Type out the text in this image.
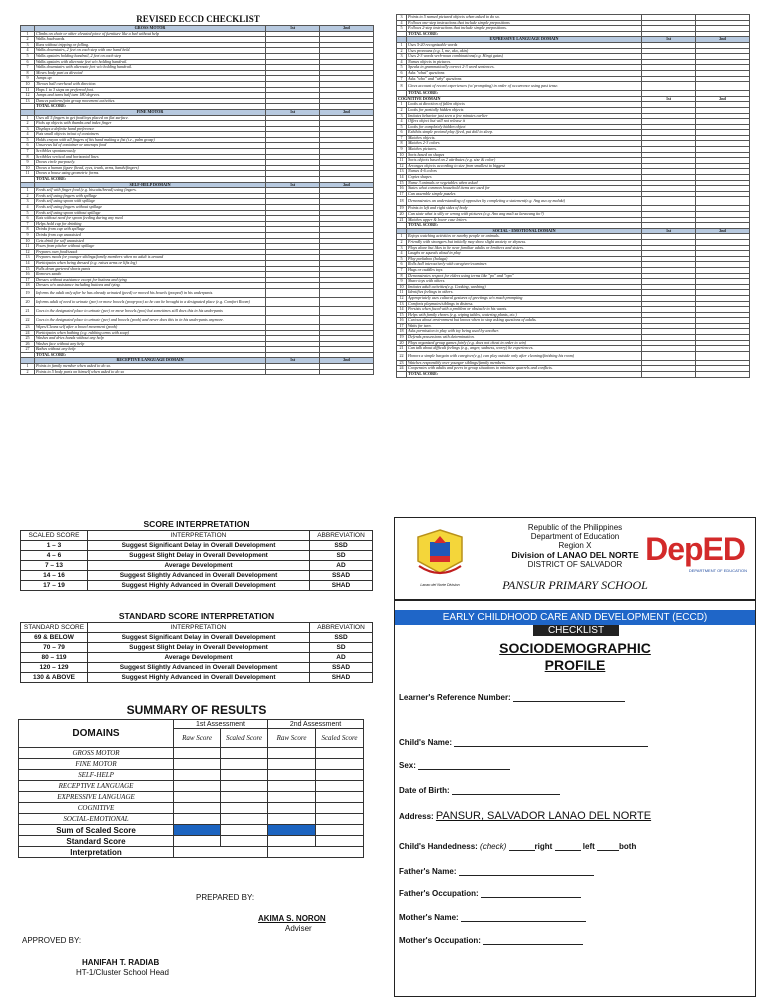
REVISED ECCD CHECKLIST
	GROSS MOTOR	1st	2nd
1	Climbs on chair or other elevated piece of furniture like a bed without help		
2	Walks backwards.		
3	Runs without tripping or falling.		
4	Walks downstairs, 2 feet on each step with one hand held.		
5	Walks upstairs holding handrail, 2 feet on each step		
6	Walks upstairs with alternate feet w/o holding handrail.		
7	Walks downstairs with alternate feet w/o holding handrail.		
8	Moves body part as directed		
9	Jumps up		
10	Throws ball overhead with direction.		
11	Hops 1 to 3 steps on preferred foot.		
12	Jumps and turns half turn 180 degrees.		
13	Dances patterns/join group movement activities.		
	TOTAL SCORE:		
	FINE MOTOR	1st	2nd
1	Uses all 5 fingers to get food/toys placed on flat surface.		
2	Picks up objects with thumbs and index finger		
3	Displays a definite hand preference		
4	Puts small objects in/out of containers		
5	Holds crayon with all fingers of his hand making a fist (i.e., palm grasp)		
6	Unscrews lid of container or unwraps food		
7	Scribbles spontaneously		
8	Scribbles vertical and horizontal lines		
9	Draws circle purposely.		
10	Draws a human figure (head, eyes, trunk, arms, hands/fingers)		
11	Draws a house using geometric forms.		
	TOTAL SCORE:		
	SELF-HELP DOMAIN	1st	2nd
1	Feeds self with finger food (e.g. biscuits/bread) using fingers.		
2	Feeds self using fingers with spillage		
3	Feeds self using spoon with spillage		
4	Feeds self using fingers without spillage		
5	Feeds self using spoon without spillage		
6	Eats without need for spoon feeding during any meal		
7	Helps hold cup for drinking		
8	Drinks from cup with spillage		
9	Drinks from cup unassisted		
10	Gets drink for self unassisted		
11	Pours from pitcher without spillage		
12	Prepares own food/snack		
13	Prepares meals for younger siblings/family members when no adult is around		
14	Participates when being dressed (e.g. raises arms or lifts leg)		
15	Pulls down gartered shorts pants		
16	Removes sando		
17	Dresses without assistance except for buttons and tying		
18	Dresses w/o assistance including buttons and tying.		
19	Informs the adult only after he has already urinated (peed) or moved his bowels (pooped) in his underpants.		
20	Informs adult of need to urinate (pee) or move bowels (poop-poo) so he can be brought to a designated place (e.g. Comfort Room)		
21	Goes to the designated place to urinate (pee) or move bowels (poo) but sometimes still does this in his underpants		
22	Goes to the designated place to urinate (pee) and bowels (pooh) and never does this in in his underpants anymore.		
23	Wipes/Cleans self after a bowel movement (pooh)		
24	Participates when bathing (e.g. rubbing arms with soap)		
25	Washes and dries hands without any help		
26	Washes face without any help		
27	Bathes without any help		
	TOTAL SCORE:		
	RECEPTIVE LANGUAGE DOMAIN	1st	2nd
1	Points to family member when asked to do so.		
2	Points to 5 body parts on himself when asked to do so		
3	Points to 5 named pictured objects when asked to do so.		
4	Follows one-step instructions that include simple prepositions		
5	Follows 2-step instructions that include simple prepositions.		
	TOTAL SCORE:		
	EXPRESSIVE LANGUAGE DOMAIN	1st	2nd
1	Uses 5-20 recognizable words		
2	Uses pronouns (e.g. I, me, ako, akin)		
3	Uses 2-3 words verb-noun combinations(e.g. Hingi gatas)		
4	Names objects in pictures.		
5	Speaks in grammatically correct 2-3 word sentences.		
6	Asks "what" questions		
7	Asks "who" and "why" questions		
8	Gives account of recent experiences (w/ prompting) in order of occurrence using past tense.		
	TOTAL SCORE:		
COGNITIVE DOMAIN		1st	2nd
1	Looks at direction of fallen objects		
2	Looks for partially hidden objects		
3	Imitates behavior just seen a few minutes earlier		
4	Offers object but will not release it		
5	Looks for completely hidden object		
6	Exhibits simple pretend play (feed, put doll to sleep.		
7	Matches objects.		
8	Matches 2-3 colors		
9	Matches pictures.		
10	Sorts based on shapes		
11	Sorts objects based on 2 attributes (e.g. size & color)		
12	Arranges objects according to size from smallest to biggest		
13	Names 4-6 colors		
14	Copies shapes		
15	Name 3 animals or vegetables when asked		
16	States what common household items are used for		
17	Can assemble simple puzzles		
18	Demonstrates an understanding of opposites by completing a statement(e.g. Ang aso ay malaki)		
19	Points to left and right sides of body		
20	Can state what is silly or wrong with pictures (e.g. Ano ang mali sa larawang ito?)		
21	Matches upper & lower case letters		
	TOTAL SCORE:		
	SOCIAL - EMOTIONAL DOMAIN	1st	2nd
1	Enjoys watching activities or nearby people or animals.		
2	Friendly with strangers but initially may show slight anxiety or shyness.		
3	Plays alone but likes to be near familiar adults or brothers and sisters.		
4	Laughs or squeals aloud in play		
5	Play peekaboo (bulaga)		
6	Rolls ball interactively with caregiver/examiner.		
7	Hugs or cuddles toys		
8	Demonstrates respect for elders using terms like "po" and "opo"		
9	Share toys with others.		
10	Imitates adult activities(e.g. Cooking, washing)		
11	Identifies feelings in others.		
12	Appropriately uses cultural gestures of greetings w/o much prompting		
13	Comforts playmates/siblings in distress.		
14	Persists when faced with a problem or obstacle to his wants.		
15	Helps with family chores (e.g. wiping tables, watering plants, etc.)		
16	Curious about environment but knows when to stop asking questions of adults.		
17	Waits for turn.		
18	Asks permission to play with toy being used by another.		
19	Defends possessions with determination.		
20	Plays organized group games fairly (e.g. does not cheat in order to win)		
21	Can talk about difficult feelings (e.g., anger, sadness, worry) he experiences.		
22	Honors a simple bargain with caregiver(e.g.) can play outside only after cleaning/finishing his room)		
23	Watches responsibly over younger siblings/family members.		
24	Cooperates with adults and peers in group situations to minimize quarrels and conflicts.		
	TOTAL SCORE:		
SCORE INTERPRETATION
SCALED SCORE	INTERPRETATION	ABBREVIATION
1 – 3	Suggest Significant Delay in Overall Development	SSD
4 – 6	Suggest Slight Delay in Overall Development	SD
7 – 13	Average Development	AD
14 – 16	Suggest Slightly Advanced in Overall Development	SSAD
17 – 19	Suggest Highly Advanced in Overall Development	SHAD
STANDARD SCORE INTERPRETATION
STANDARD SCORE	INTERPRETATION	ABBREVIATION
69 & BELOW	Suggest Significant Delay in Overall Development	SSD
70 – 79	Suggest Slight Delay in Overall Development	SD
80 – 119	Average Development	AD
120 – 129	Suggest Slightly Advanced in Overall Development	SSAD
130 & ABOVE	Suggest Highly Advanced in Overall Development	SHAD
SUMMARY OF RESULTS
DOMAINS	1st Assessment		2nd Assessment	
	Raw Score	Scaled Score	Raw Score	Scaled Score
GROSS MOTOR				
FINE MOTOR				
SELF-HELP				
RECEPTIVE LANGUAGE				
EXPRESSIVE LANGUAGE				
COGNITIVE				
SOCIAL-EMOTIONAL				
Sum of Scaled Score				
Standard Score				
Interpretation				
PREPARED BY:
AKIMA S. NORON
Adviser
APPROVED BY:
HANIFAH T. RADIAB
HT-1/Cluster School Head
Lanao del Norte Division
Republic of the Philippines
Department of Education
Region X
Division of LANAO DEL NORTE
DISTRICT OF SALVADOR DepED
DEPARTMENT OF EDUCATION
PANSUR PRIMARY SCHOOL
EARLY CHILDHOOD CARE AND DEVELOPMENT (ECCD)
CHECKLIST
SOCIODEMOGRAPHIC
PROFILE
Learner's Reference Number:
Child's Name:
Sex:
Date of Birth:
Address: PANSUR, SALVADOR LANAO DEL NORTE
Child's Handedness: (check)	right	left	both
Father's Name:
Father's Occupation:
Mother's Name:
Mother's Occupation:
